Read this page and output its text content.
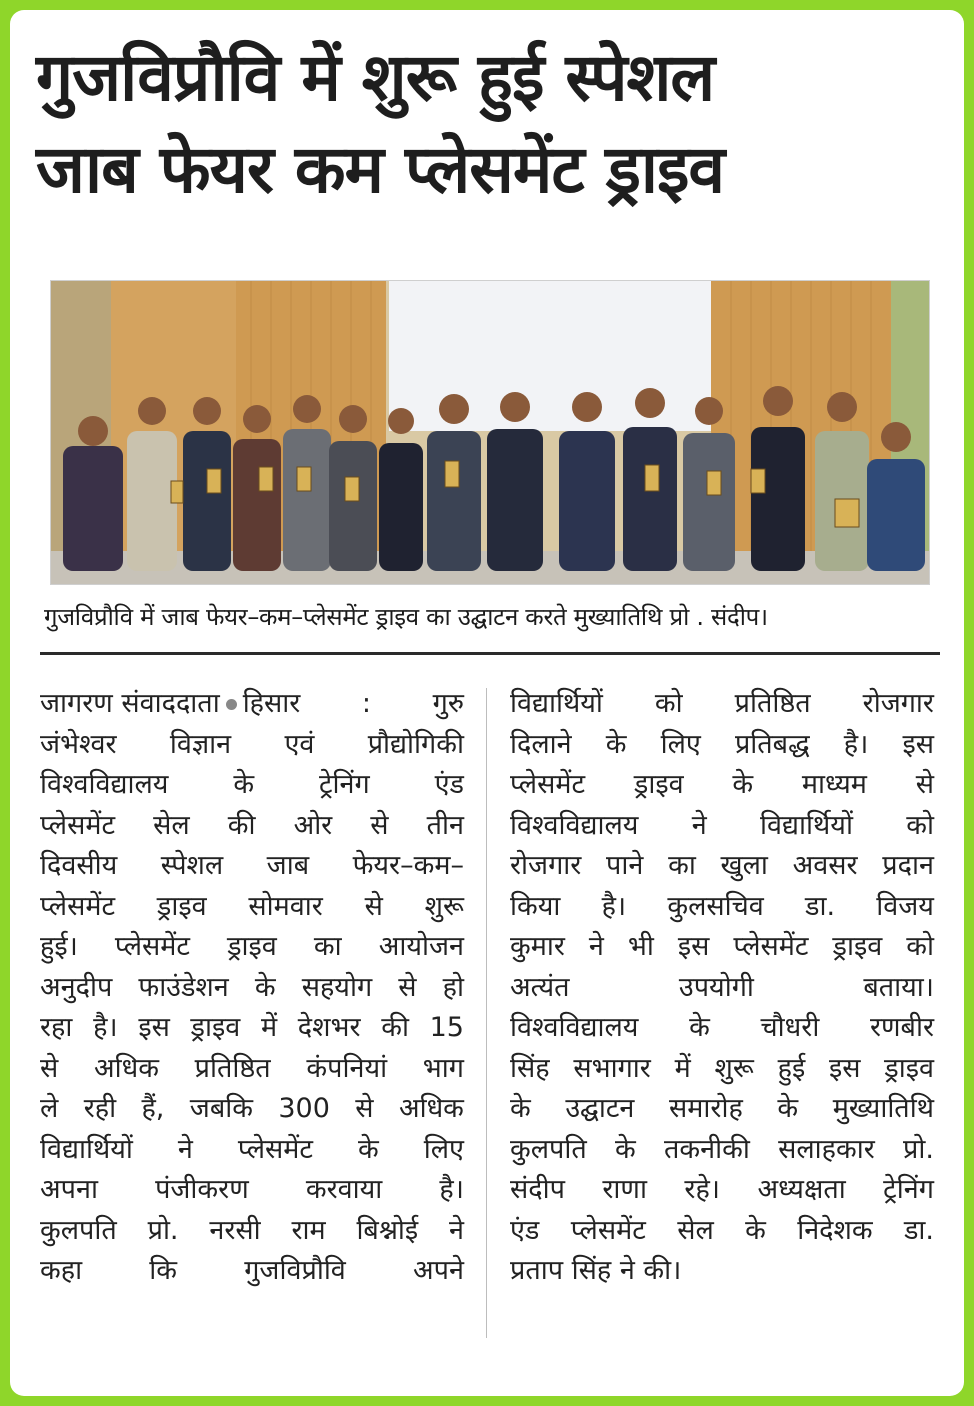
गुजविप्रौवि में शुरू हुई स्पेशल
जाब फेयर कम प्लेसमेंट ड्राइव
गुजविप्रौवि में जाब फेयर–कम–प्लेसमेंट ड्राइव का उद्घाटन करते मुख्यातिथि प्रो . संदीप।
जागरण संवाददाता हिसार : गुरु
जंभेश्वर विज्ञान एवं प्रौद्योगिकी
विश्वविद्यालय के ट्रेनिंग एंड
प्लेसमेंट सेल की ओर से तीन
दिवसीय स्पेशल जाब फेयर–कम–
प्लेसमेंट ड्राइव सोमवार से शुरू
हुई। प्लेसमेंट ड्राइव का आयोजन
अनुदीप फाउंडेशन के सहयोग से हो
रहा है। इस ड्राइव में देशभर की 15
से अधिक प्रतिष्ठित कंपनियां भाग
ले रही हैं, जबकि 300 से अधिक
विद्यार्थियों ने प्लेसमेंट के लिए
अपना पंजीकरण करवाया है।
कुलपति प्रो. नरसी राम बिश्नोई ने
कहा कि गुजविप्रौवि अपने
विद्यार्थियों को प्रतिष्ठित रोजगार
दिलाने के लिए प्रतिबद्ध है। इस
प्लेसमेंट ड्राइव के माध्यम से
विश्वविद्यालय ने विद्यार्थियों को
रोजगार पाने का खुला अवसर प्रदान
किया है। कुलसचिव डा. विजय
कुमार ने भी इस प्लेसमेंट ड्राइव को
अत्यंत	उपयोगी	बताया।
विश्वविद्यालय के चौधरी रणबीर
सिंह सभागार में शुरू हुई इस ड्राइव
के उद्घाटन समारोह के मुख्यातिथि
कुलपति के तकनीकी सलाहकार प्रो.
संदीप राणा रहे। अध्यक्षता ट्रेनिंग
एंड प्लेसमेंट सेल के निदेशक डा.
प्रताप सिंह ने की।
